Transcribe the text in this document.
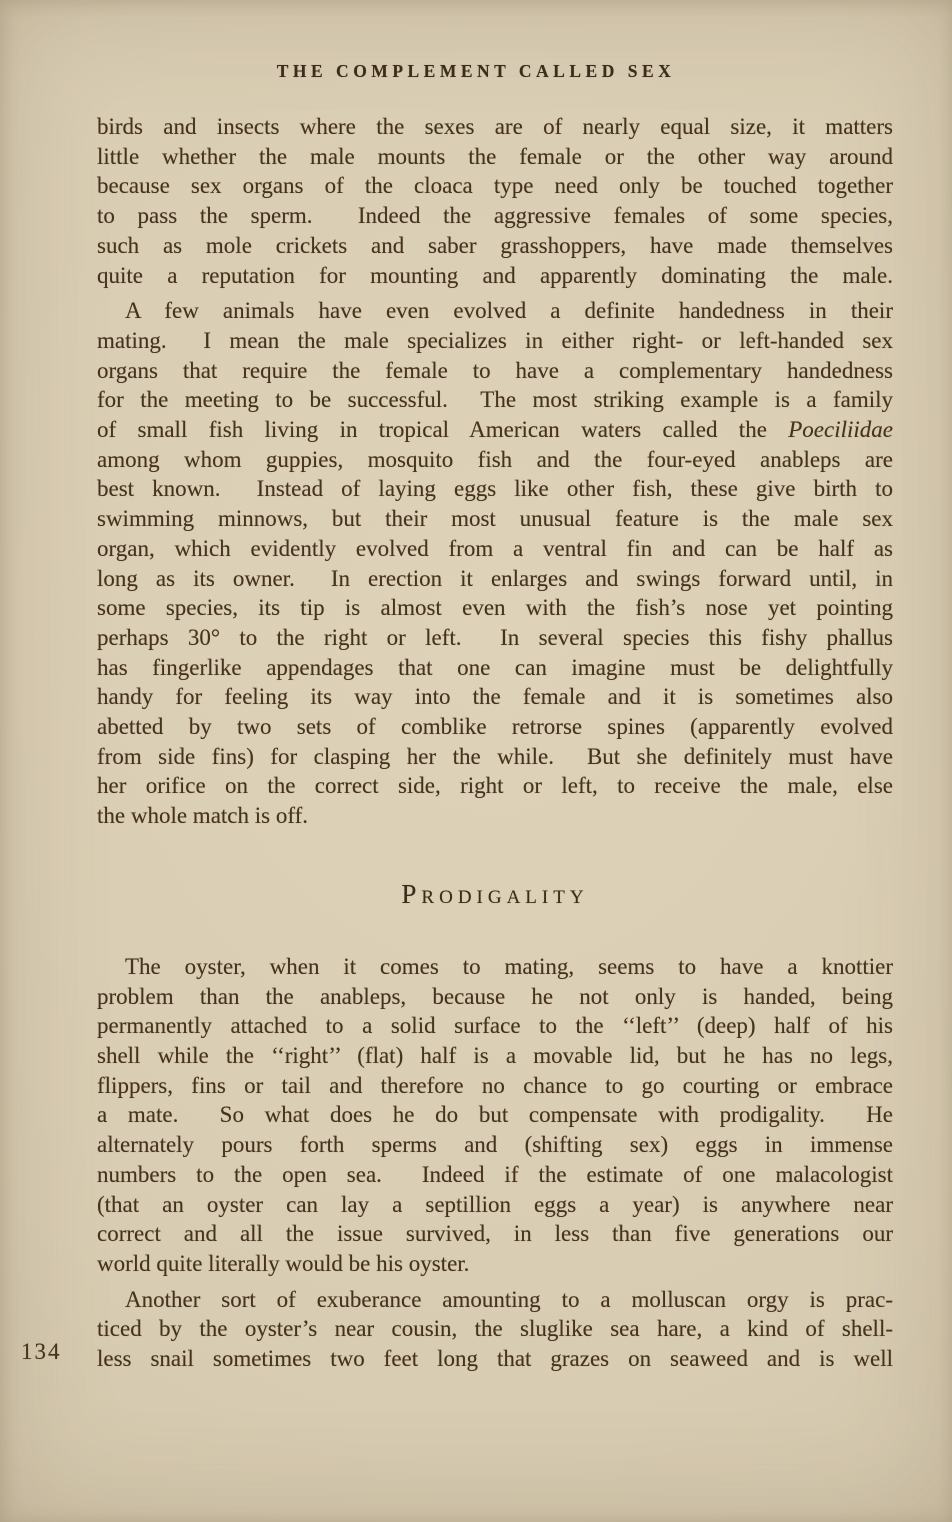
THE COMPLEMENT CALLED SEX
birds and insects where the sexes are of nearly equal size, it matters
little whether the male mounts the female or the other way around
because sex organs of the cloaca type need only be touched together
to pass the sperm.  Indeed the aggressive females of some species,
such as mole crickets and saber grasshoppers, have made themselves
quite a reputation for mounting and apparently dominating the male.
A few animals have even evolved a definite handedness in their
mating.  I mean the male specializes in either right- or left-handed sex
organs that require the female to have a complementary handedness
for the meeting to be successful.  The most striking example is a family
of small fish living in tropical American waters called the Poeciliidae
among whom guppies, mosquito fish and the four-eyed anableps are
best known.  Instead of laying eggs like other fish, these give birth to
swimming minnows, but their most unusual feature is the male sex
organ, which evidently evolved from a ventral fin and can be half as
long as its owner.  In erection it enlarges and swings forward until, in
some species, its tip is almost even with the fish’s nose yet pointing
perhaps 30° to the right or left.  In several species this fishy phallus
has fingerlike appendages that one can imagine must be delightfully
handy for feeling its way into the female and it is sometimes also
abetted by two sets of comblike retrorse spines (apparently evolved
from side fins) for clasping her the while.  But she definitely must have
her orifice on the correct side, right or left, to receive the male, else
the whole match is off.
Prodigality
The oyster, when it comes to mating, seems to have a knottier
problem than the anableps, because he not only is handed, being
permanently attached to a solid surface to the ‘‘left’’ (deep) half of his
shell while the ‘‘right’’ (flat) half is a movable lid, but he has no legs,
flippers, fins or tail and therefore no chance to go courting or embrace
a mate.  So what does he do but compensate with prodigality.  He
alternately pours forth sperms and (shifting sex) eggs in immense
numbers to the open sea.  Indeed if the estimate of one malacologist
(that an oyster can lay a septillion eggs a year) is anywhere near
correct and all the issue survived, in less than five generations our
world quite literally would be his oyster.
Another sort of exuberance amounting to a molluscan orgy is prac-
ticed by the oyster’s near cousin, the sluglike sea hare, a kind of shell-
less snail sometimes two feet long that grazes on seaweed and is well
134
